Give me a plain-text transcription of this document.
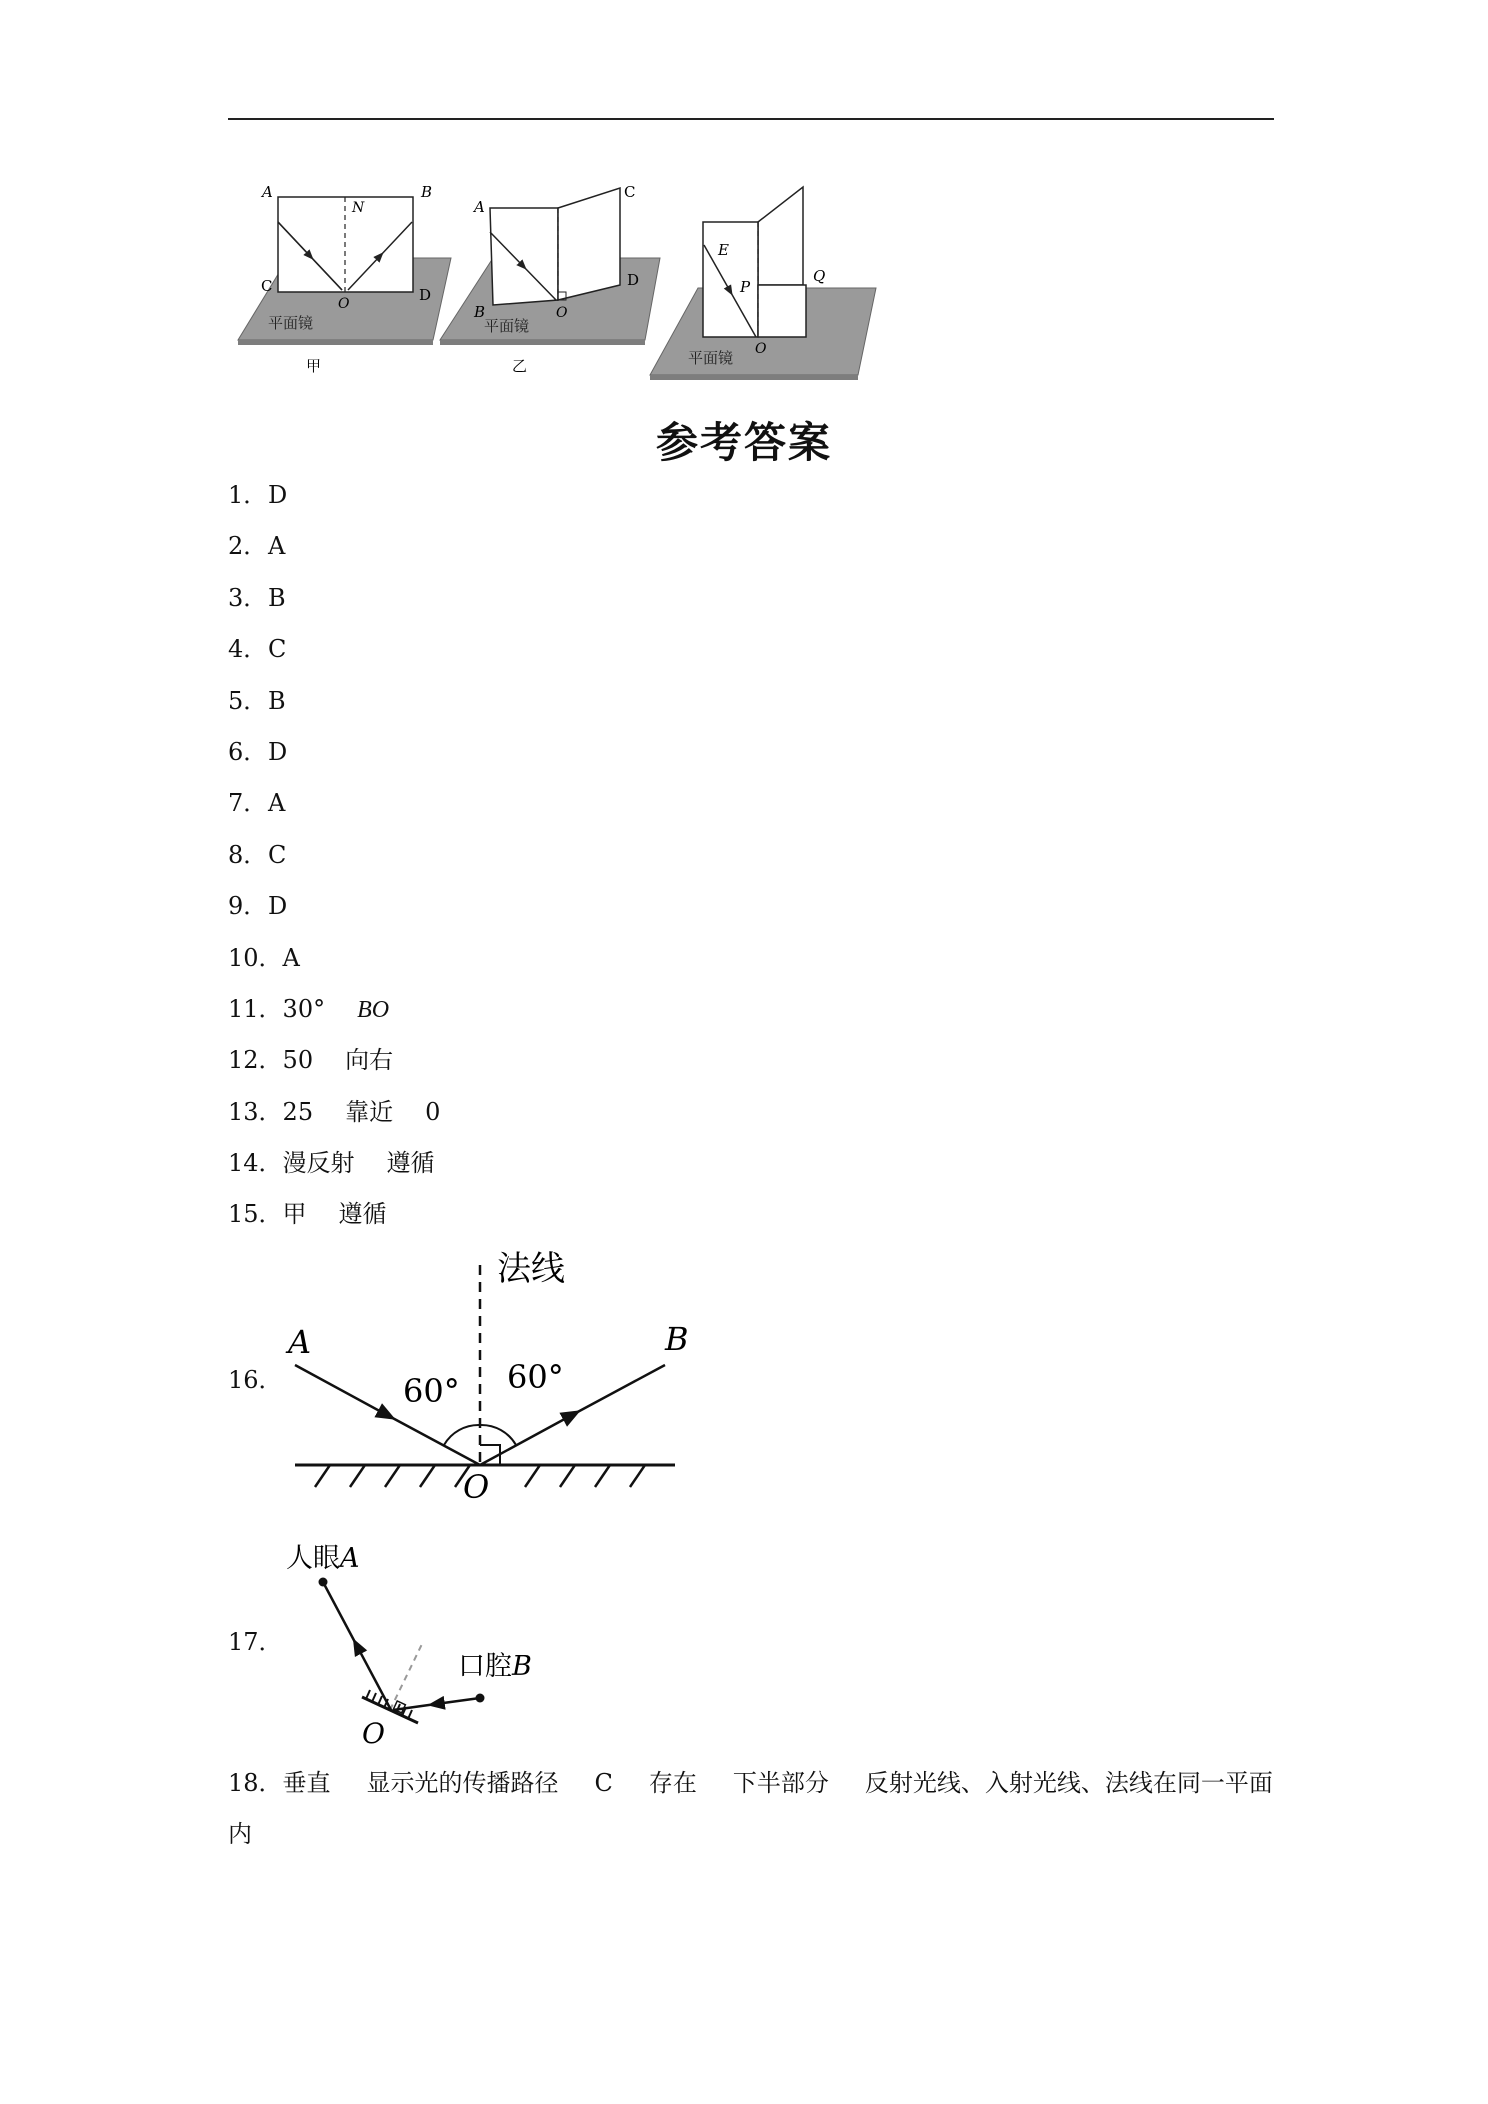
A	B
N
C	D
O
平面镜
甲
A
C
D
B	O
平面镜
乙
E
P
Q
O
平面镜
参考答案
1．D
2．A
3．B
4．C
5．B
6．D
7．A
8．C
9．D
10．A
11．30° BO
12．50 向右
13．25 靠近 0
14．漫反射 遵循
15．甲 遵循
16．
法线
A	B
60° 60°
O
17．
人眼 A
口腔 B
O
18．垂直 显示光的传播路径 C 存在 下半部分 反射光线、入射光线、法线在同一平面内
